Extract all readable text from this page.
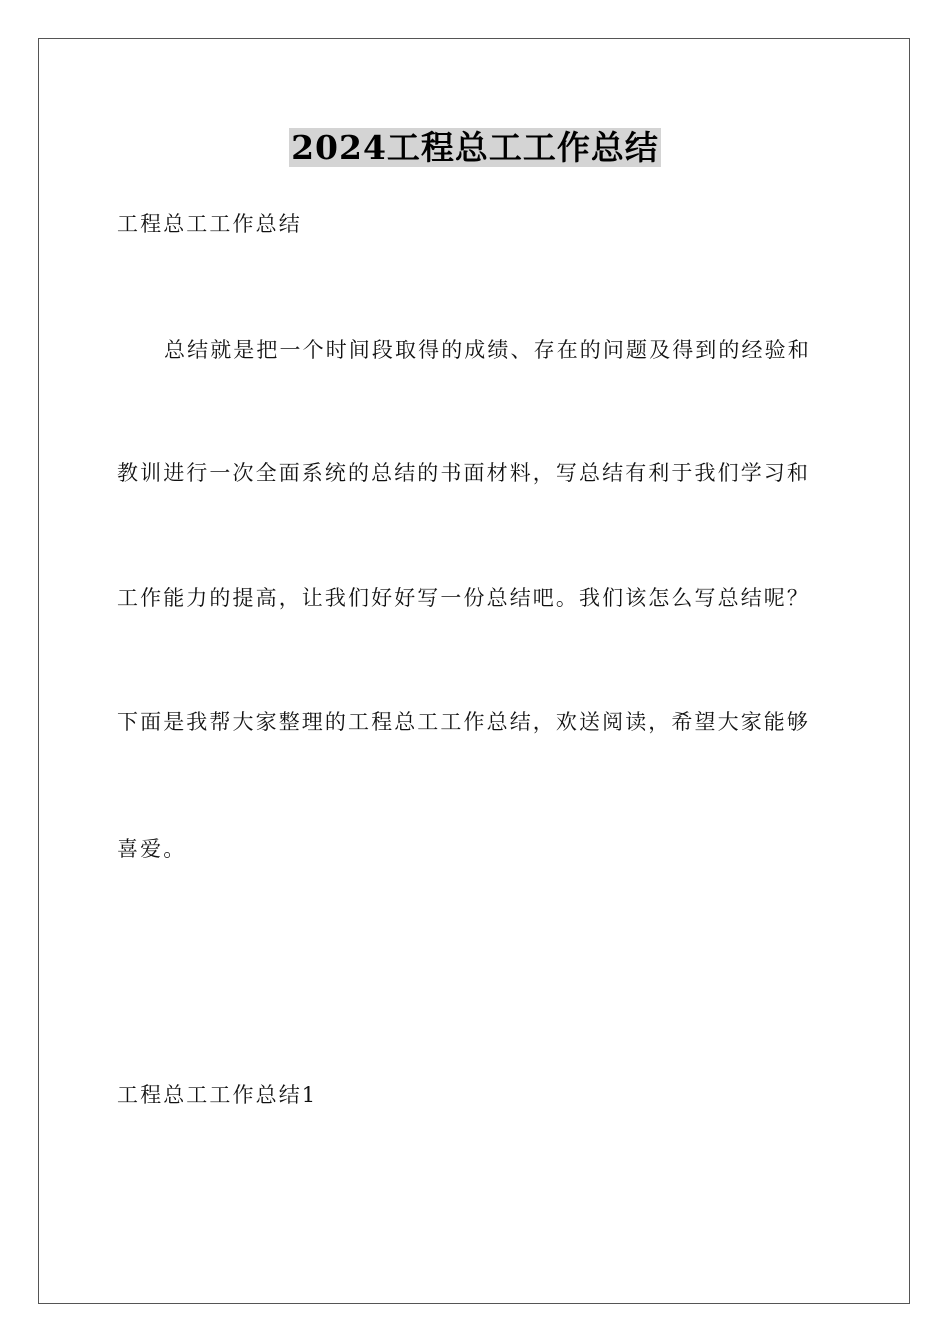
2024工程总工工作总结
工程总工工作总结
总结就是把一个时间段取得的成绩、存在的问题及得到的经验和
教训进行一次全面系统的总结的书面材料，写总结有利于我们学习和
工作能力的提高，让我们好好写一份总结吧。我们该怎么写总结呢？
下面是我帮大家整理的工程总工工作总结，欢送阅读，希望大家能够
喜爱。
工程总工工作总结1
